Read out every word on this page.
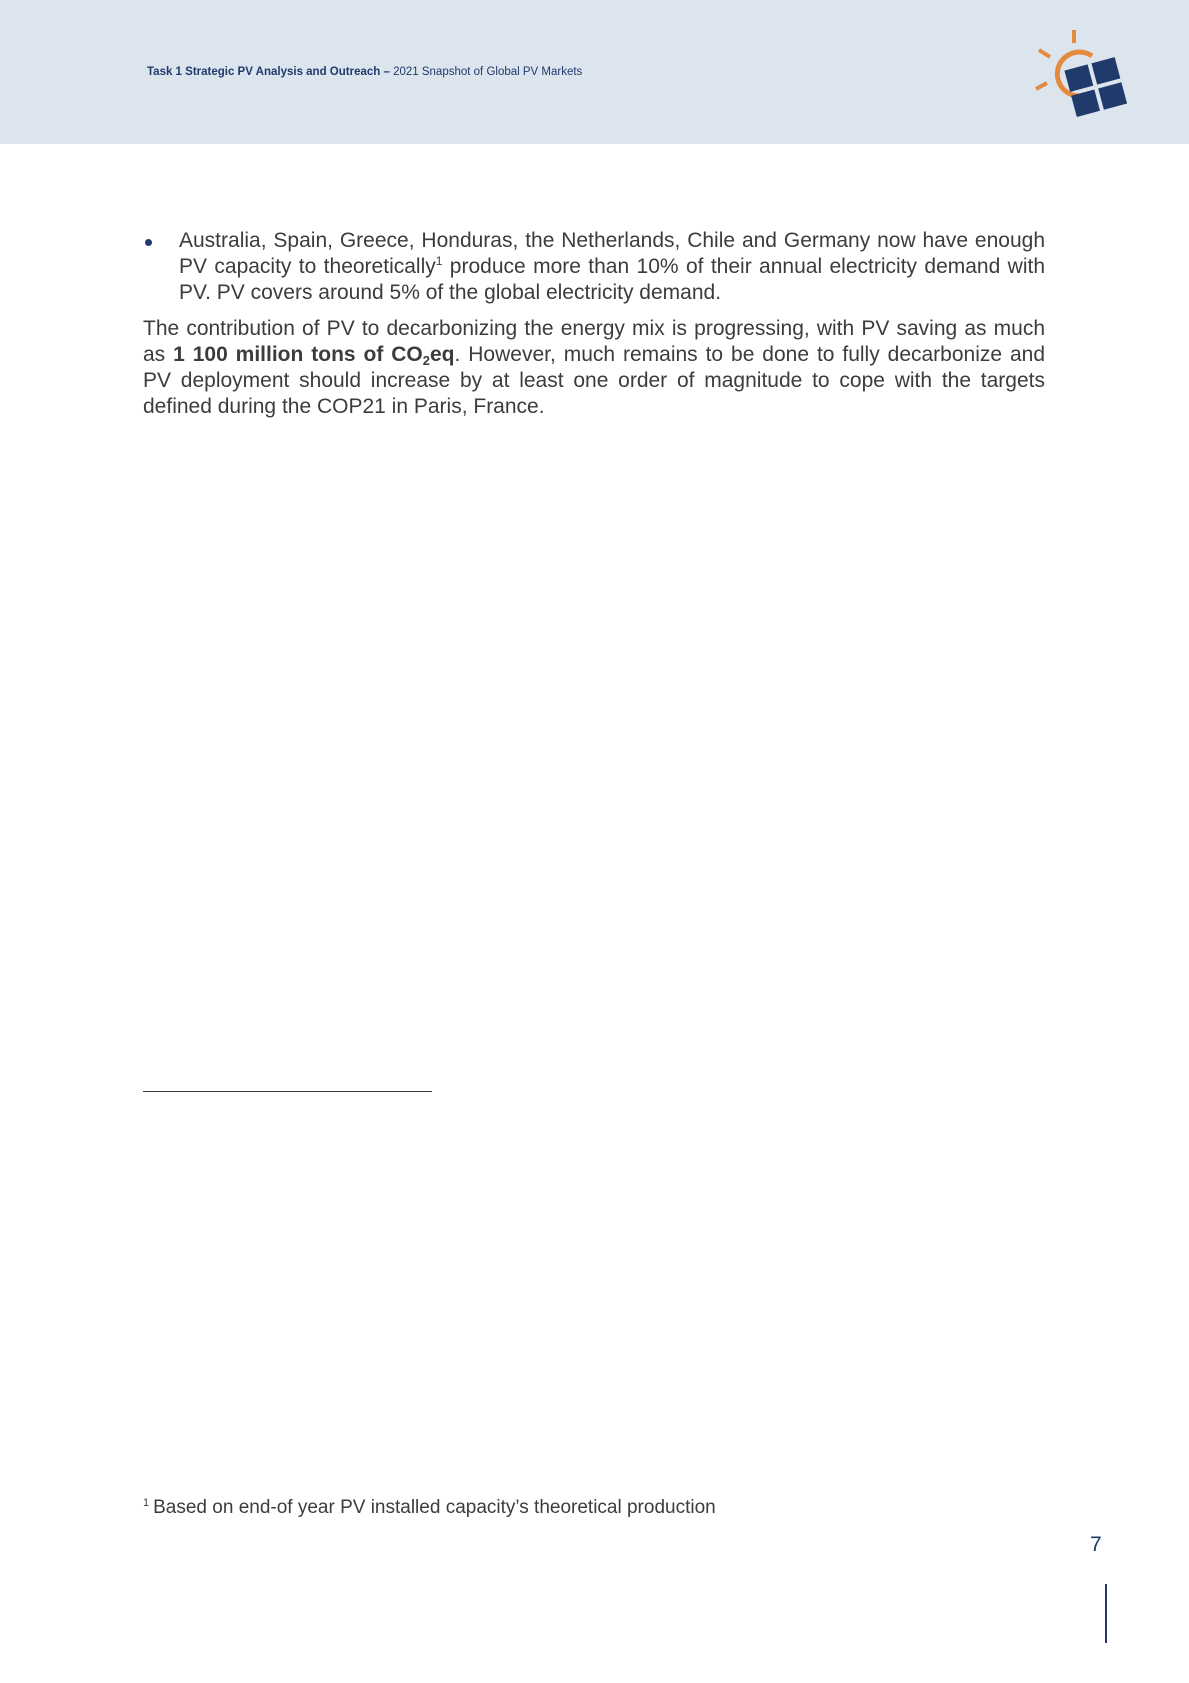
Task 1 Strategic PV Analysis and Outreach – 2021 Snapshot of Global PV Markets
Australia, Spain, Greece, Honduras, the Netherlands, Chile and Germany now have enough PV capacity to theoretically$^1$ produce more than 10% of their annual electricity demand with PV. PV covers around 5% of the global electricity demand.

The contribution of PV to decarbonizing the energy mix is progressing, with PV saving as much as 1 100 million tons of $CO_2eq$. However, much remains to be done to fully decarbonize and PV deployment should increase by at least one order of magnitude to cope with the targets defined during the COP21 in Paris, France.

$^1$ Based on end-of year PV installed capacity’s theoretical production
7
